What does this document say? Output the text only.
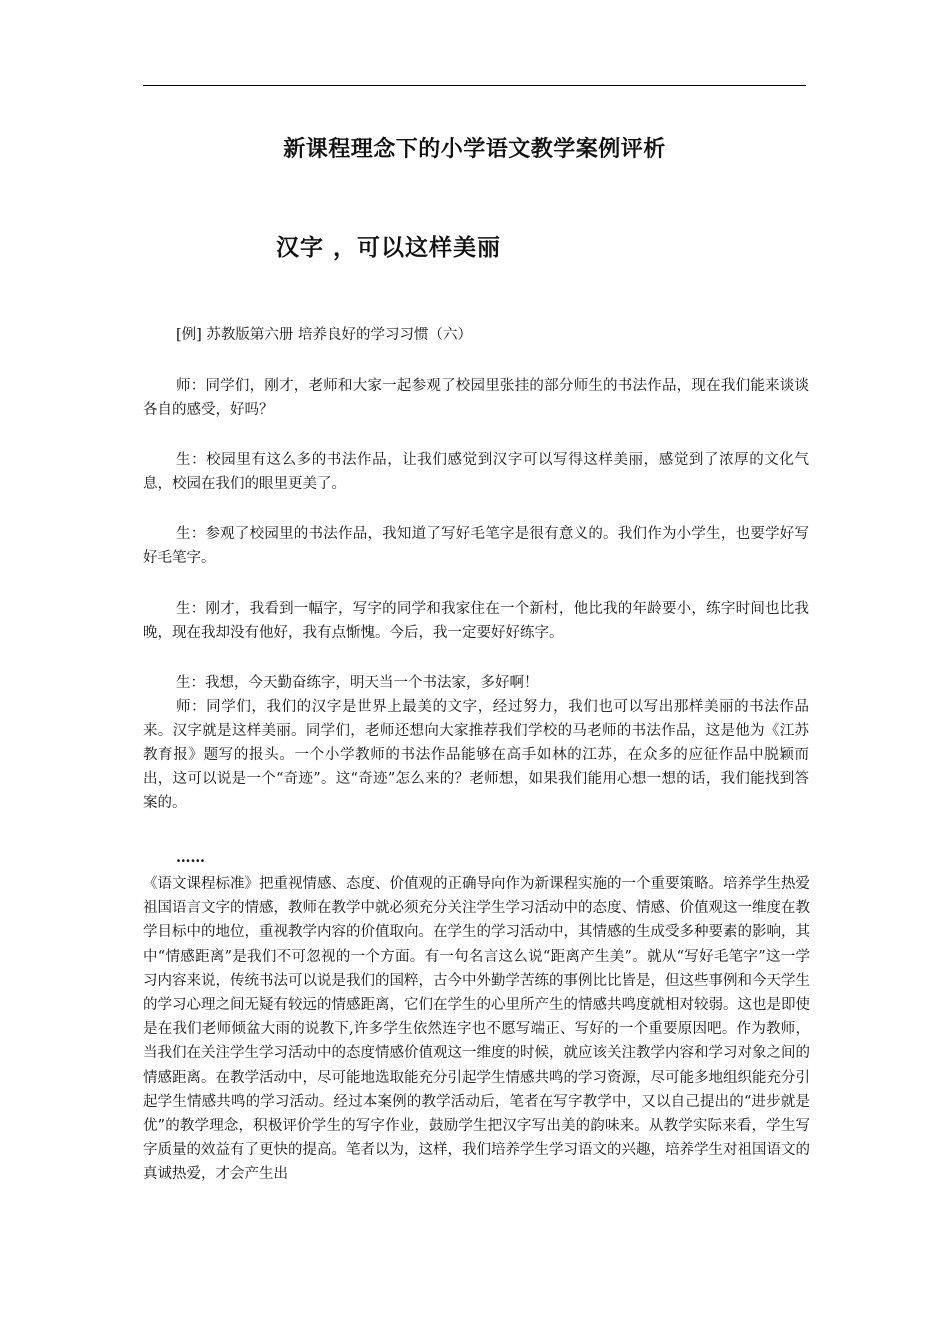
新课程理念下的小学语文教学案例评析
汉字 ，可以这样美丽

[例] 苏教版第六册 培养良好的学习习惯（六）

师：同学们，刚才，老师和大家一起参观了校园里张挂的部分师生的书法作品，现在我们能来谈谈各自的感受，好吗？

生：校园里有这么多的书法作品，让我们感觉到汉字可以写得这样美丽，感觉到了浓厚的文化气息，校园在我们的眼里更美了。

生：参观了校园里的书法作品，我知道了写好毛笔字是很有意义的。我们作为小学生，也要学好写好毛笔字。

生：刚才，我看到一幅字，写字的同学和我家住在一个新村，他比我的年龄要小，练字时间也比我晚，现在我却没有他好，我有点惭愧。今后，我一定要好好练字。

生：我想，今天勤奋练字，明天当一个书法家，多好啊！

师：同学们，我们的汉字是世界上最美的文字，经过努力，我们也可以写出那样美丽的书法作品来。汉字就是这样美丽。同学们，老师还想向大家推荐我们学校的马老师的书法作品，这是他为《江苏教育报》题写的报头。一个小学教师的书法作品能够在高手如林的江苏，在众多的应征作品中脱颖而出，这可以说是一个“奇迹”。这“奇迹”怎么来的？老师想，如果我们能用心想一想的话，我们能找到答案的。

……

《语文课程标准》把重视情感、态度、价值观的正确导向作为新课程实施的一个重要策略。培养学生热爱祖国语言文字的情感，教师在教学中就必须充分关注学生学习活动中的态度、情感、价值观这一维度在教学目标中的地位，重视教学内容的价值取向。在学生的学习活动中，其情感的生成受多种要素的影响，其中“情感距离”是我们不可忽视的一个方面。有一句名言这么说“距离产生美”。就从“写好毛笔字”这一学习内容来说，传统书法可以说是我们的国粹，古今中外勤学苦练的事例比比皆是，但这些事例和今天学生的学习心理之间无疑有较远的情感距离，它们在学生的心里所产生的情感共鸣度就相对较弱。这也是即使是在我们老师倾盆大雨的说教下,许多学生依然连字也不愿写端正、写好的一个重要原因吧。作为教师，当我们在关注学生学习活动中的态度情感价值观这一维度的时候，就应该关注教学内容和学习对象之间的情感距离。在教学活动中，尽可能地选取能充分引起学生情感共鸣的学习资源，尽可能多地组织能充分引起学生情感共鸣的学习活动。经过本案例的教学活动后，笔者在写字教学中，又以自己提出的“进步就是优”的教学理念，积极评价学生的写字作业，鼓励学生把汉字写出美的韵味来。从教学实际来看，学生写字质量的效益有了更快的提高。笔者以为，这样，我们培养学生学习语文的兴趣，培养学生对祖国语文的真诚热爱，才会产生出
